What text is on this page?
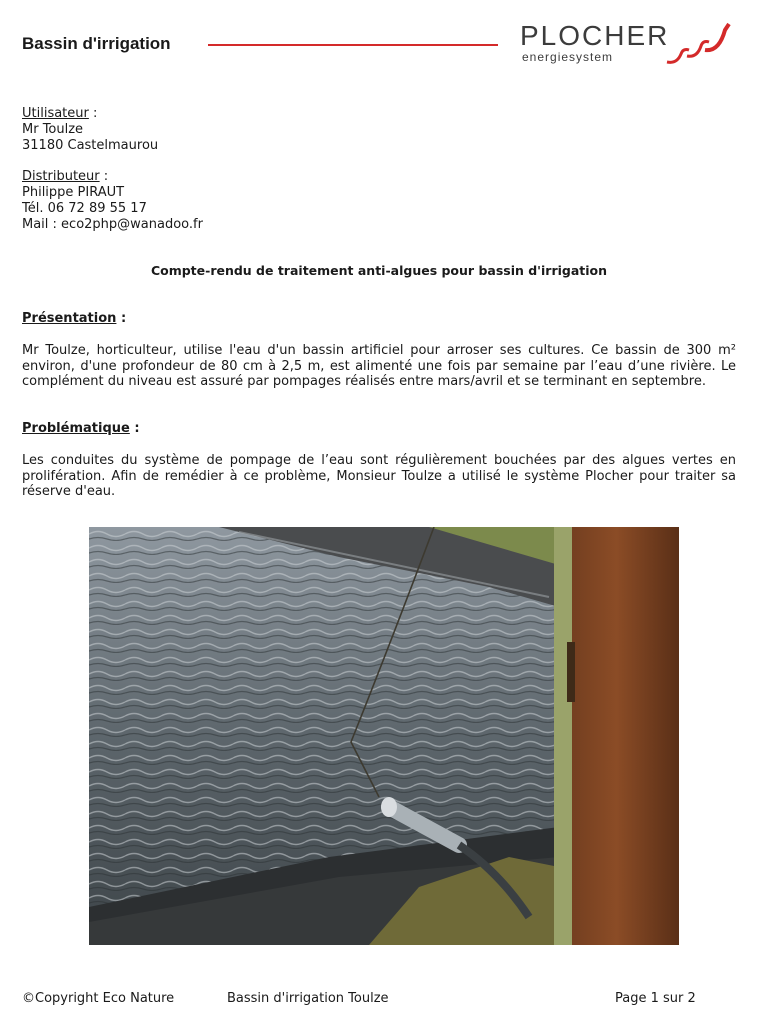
Bassin d'irrigation	PLOCHER
energiesystem
Utilisateur :
Mr Toulze
31180 Castelmaurou
Distributeur :
Philippe PIRAUT
Tél. 06 72 89 55 17
Mail : eco2php@wanadoo.fr
Compte-rendu de traitement anti-algues pour bassin d'irrigation
Présentation :

Mr Toulze, horticulteur, utilise l'eau d'un bassin artificiel pour arroser ses cultures. Ce bassin de 300 m² environ, d'une profondeur de 80 cm à 2,5 m, est alimenté une fois par semaine par l’eau d’une rivière. Le complément du niveau est assuré par pompages réalisés entre mars/avril et se terminant en septembre.

Problématique :

Les conduites du système de pompage de l’eau sont régulièrement bouchées par des algues vertes en prolifération. Afin de remédier à ce problème, Monsieur Toulze a utilisé le système Plocher pour traiter sa réserve d'eau.

©Copyright Eco Nature	Bassin d'irrigation Toulze	Page 1 sur 2
